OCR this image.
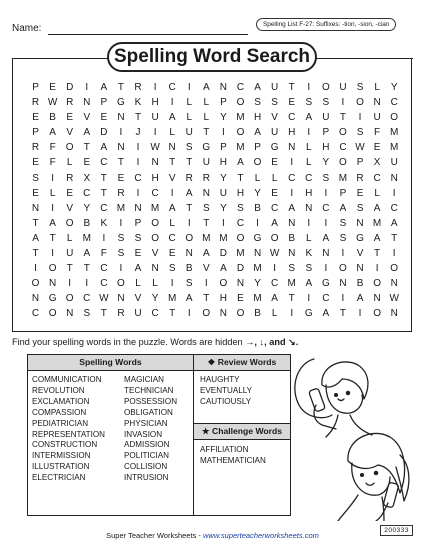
Name:	Spelling List F-27: Suffixes: -tion, -sion, -cian
Spelling Word Search
P	E	D	I	A	T	R	I	C	I	A	N C	A	U	T	I	O U	S	L	Y
R W R N	P G K	H	I	L	L	P O S	S	E	S	S	I	O N C
E	B	E	V	E	N	T	U	A	L	L	Y M H	V	C	A	U	T	I	U O
P	A	V	A	D	I	J	I	L	U	T	I	O A	U H	I	P O S	F M
R	F	O	T	A	N	I	W N	S G P M P G N	L	H C W E M
E	F	L	E	C	T	I	N	T	T	U H	A O E	I	L	Y O P	X	U
S	I	R	X	T	E	C H	V	R R	Y	T	L	L	C C	S M R C N
E	L	E	C	T	R	I	C	I	A	N U H	Y	E	I	H	I	P	E	L	I
N	I	V	Y	C M N M A	T	S	Y	S	B	C	A	N C	A	S	A	C
T	A O B	K	I	P O	L	I	T	I	C	I	A	N	I	I	S	N M A
A	T	L	M	I	S	S O C O M M O G O B	L	A	S G A	T
T	I	U	A	F	S	E	V	E	N	A	D M N W N	K	N	I	V	T	I
I	O	T	T	C	I	A	N	S	B	V	A	D M	I	S	S	I	O N	I	O
O N	I	I	C O	L	L	I	S	I	O N	Y	C M A G N	B O N
N G O C W N	V	Y M A	T	H	E M A	T	I	C	I	A	N W
C O N	S	T	R U C	T	I	O N O B	L	I	G A	T	I	O N
Find your spelling words in the puzzle. Words are hidden →, ↓, and ↘.
Spelling Words
COMMUNICATION
REVOLUTION
EXCLAMATION
COMPASSION
PEDIATRICIAN
REPRESENTATION
CONSTRUCTION
INTERMISSION
ILLUSTRATION
ELECTRICIAN
MAGICIAN
TECHNICIAN
POSSESSION
OBLIGATION
PHYSICIAN
INVASION
ADMISSION
POLITICIAN
COLLISION
INTRUSION
❖ Review Words
HAUGHTY
EVENTUALLY
CAUTIOUSLY
★ Challenge Words
AFFILIATION
MATHEMATICIAN
Super Teacher Worksheets - www.superteacherworksheets.com
200333
